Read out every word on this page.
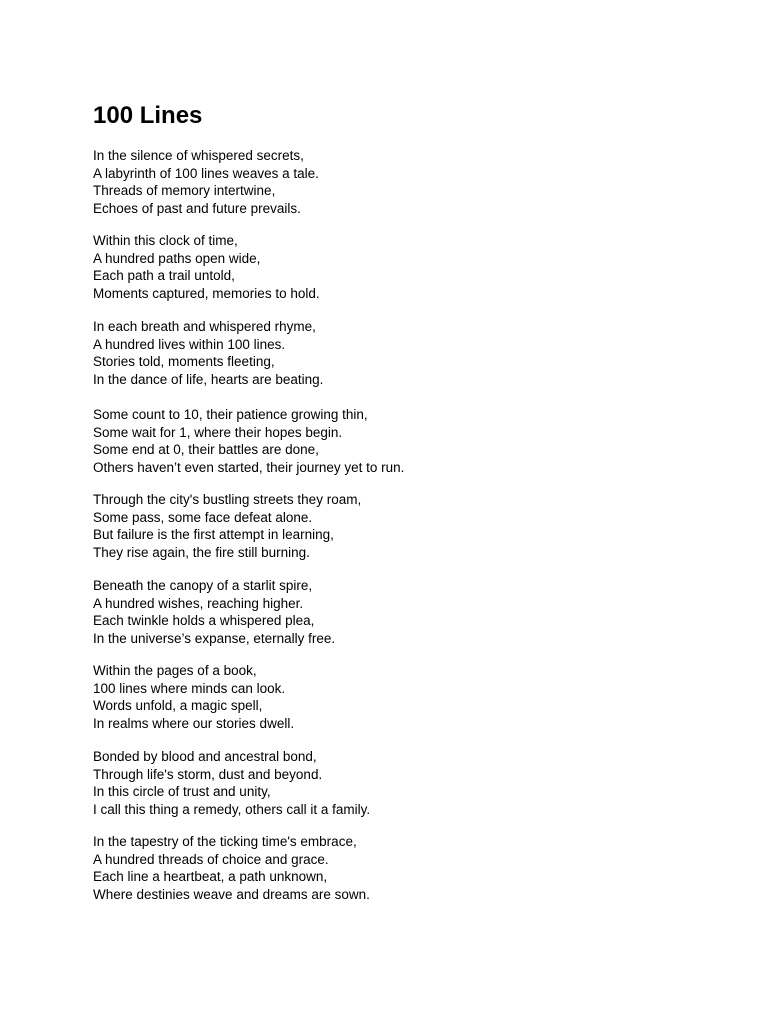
100 Lines
In the silence of whispered secrets,
A labyrinth of 100 lines weaves a tale.
Threads of memory intertwine,
Echoes of past and future prevails.
Within this clock of time,
A hundred paths open wide,
Each path a trail untold,
Moments captured, memories to hold.
In each breath and whispered rhyme,
A hundred lives within 100 lines.
Stories told, moments fleeting,
In the dance of life, hearts are beating.
Some count to 10, their patience growing thin,
Some wait for 1, where their hopes begin.
Some end at 0, their battles are done,
Others haven’t even started, their journey yet to run.
Through the city's bustling streets they roam,
Some pass, some face defeat alone.
But failure is the first attempt in learning,
They rise again, the fire still burning.
Beneath the canopy of a starlit spire,
A hundred wishes, reaching higher.
Each twinkle holds a whispered plea,
In the universe’s expanse, eternally free.
Within the pages of a book,
100 lines where minds can look.
Words unfold, a magic spell,
In realms where our stories dwell.
Bonded by blood and ancestral bond,
Through life's storm, dust and beyond.
In this circle of trust and unity,
I call this thing a remedy, others call it a family.
In the tapestry of the ticking time's embrace,
A hundred threads of choice and grace.
Each line a heartbeat, a path unknown,
Where destinies weave and dreams are sown.
